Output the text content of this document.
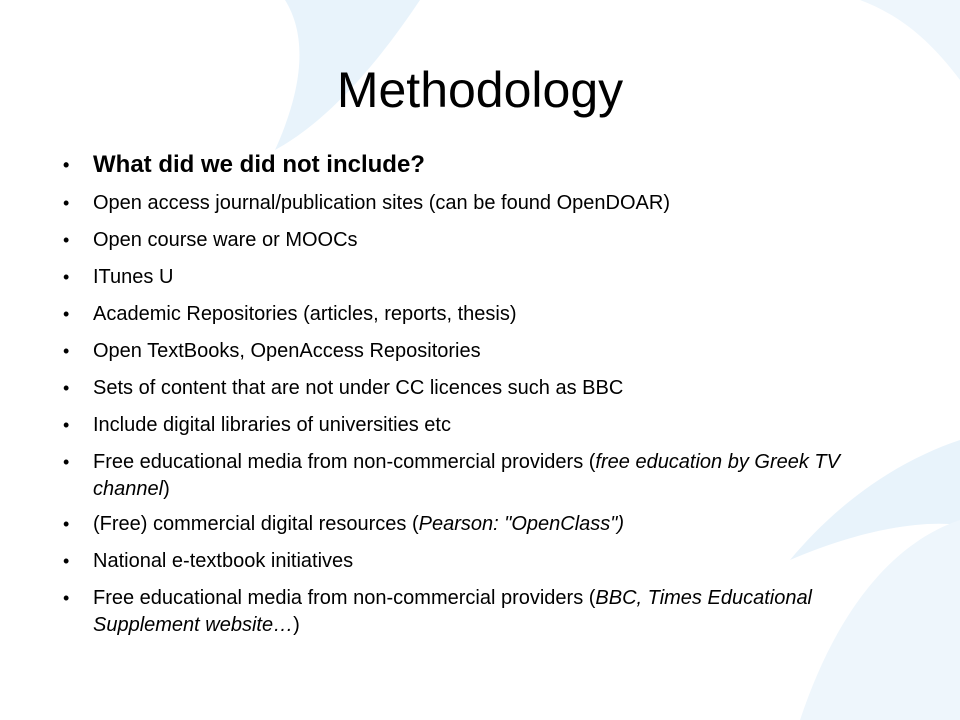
Methodology
• What did we did not include?
• Open access journal/publication sites (can be found OpenDOAR)
• Open course ware or MOOCs
• ITunes U
• Academic Repositories (articles, reports, thesis)
• Open TextBooks, OpenAccess Repositories
• Sets of content that are not under CC licences such as BBC
• Include digital libraries of universities etc
• Free educational media from non-commercial providers (free education by Greek TV channel)
• (Free) commercial digital resources (Pearson: "OpenClass")
• National e-textbook initiatives
• Free educational media from non-commercial providers (BBC, Times Educational Supplement website…)
